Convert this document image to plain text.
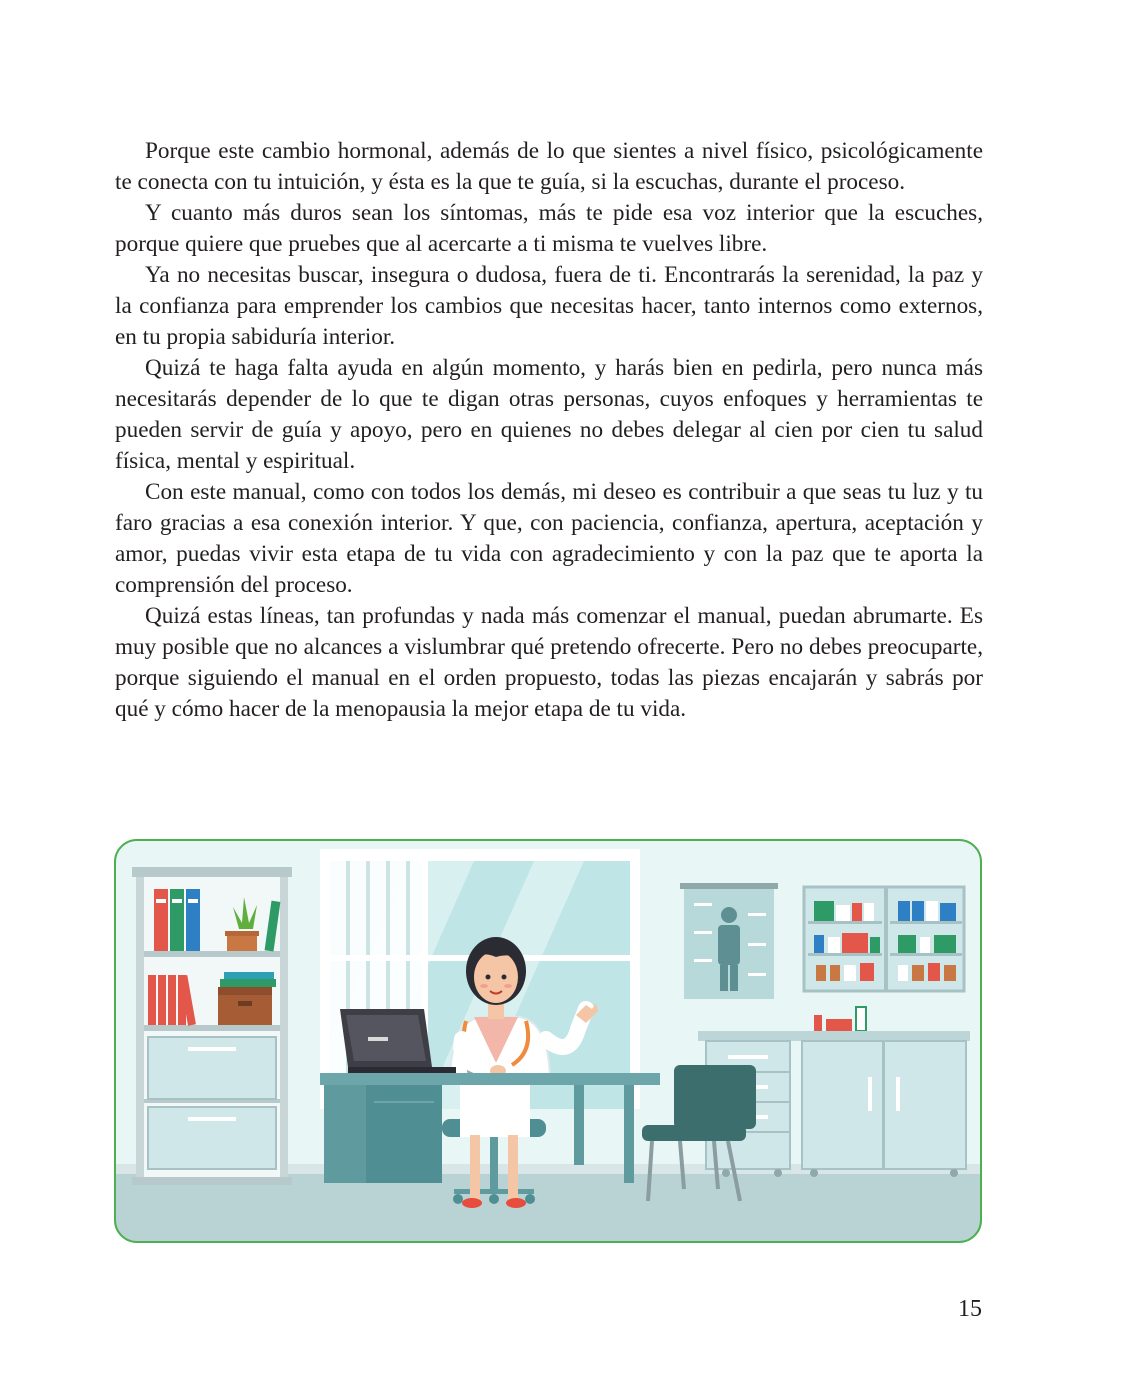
Porque este cambio hormonal, además de lo que sientes a nivel físico, psicológicamente te conecta con tu intuición, y ésta es la que te guía, si la escuchas, durante el proceso.

Y cuanto más duros sean los síntomas, más te pide esa voz interior que la escuches, porque quiere que pruebes que al acercarte a ti misma te vuelves libre.

Ya no necesitas buscar, insegura o dudosa, fuera de ti. Encontrarás la serenidad, la paz y la confianza para emprender los cambios que necesitas hacer, tanto internos como externos, en tu propia sabiduría interior.

Quizá te haga falta ayuda en algún momento, y harás bien en pedirla, pero nunca más necesitarás depender de lo que te digan otras personas, cuyos enfoques y herramientas te pueden servir de guía y apoyo, pero en quienes no debes delegar al cien por cien tu salud física, mental y espiritual.

Con este manual, como con todos los demás, mi deseo es contribuir a que seas tu luz y tu faro gracias a esa conexión interior. Y que, con paciencia, confianza, apertura, aceptación y amor, puedas vivir esta etapa de tu vida con agradecimiento y con la paz que te aporta la comprensión del proceso.

Quizá estas líneas, tan profundas y nada más comenzar el manual, puedan abrumarte. Es muy posible que no alcances a vislumbrar qué pretendo ofrecerte. Pero no debes preocuparte, porque siguiendo el manual en el orden propuesto, todas las piezas encajarán y sabrás por qué y cómo hacer de la menopausia la mejor etapa de tu vida.

15
